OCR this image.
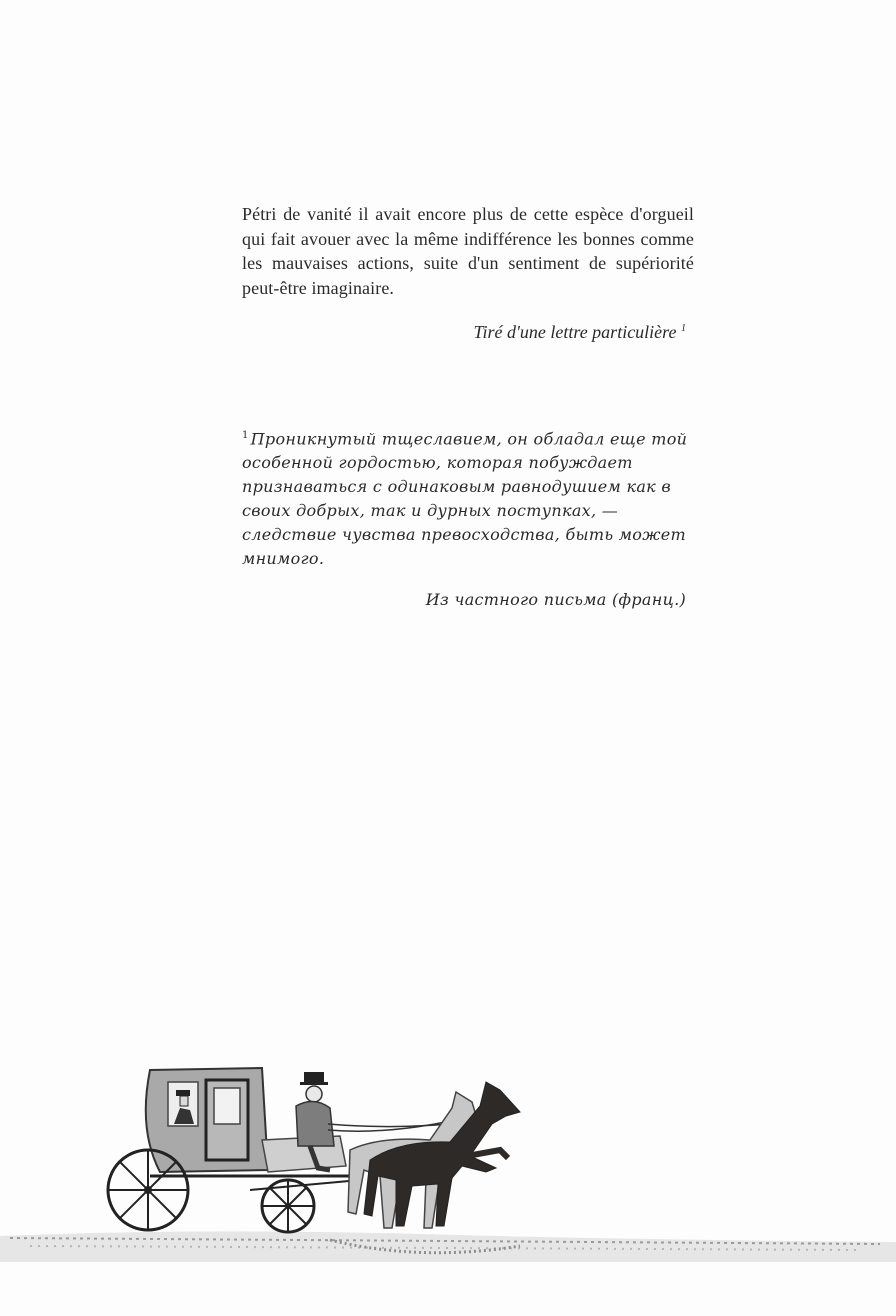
Pétri de vanité il avait encore plus de cette espèce d'orgueil qui fait avouer avec la même indifférence les bonnes comme les mauvaises actions, suite d'un sentiment de supériorité peut-être imaginaire.
Tiré d'une lettre particulière $^1$
$^1$ Проникнутый тщеславием, он обладал еще той особенной гордостью, которая побуждает признаваться с одинаковым равнодушием как в своих добрых, так и дурных поступках, — следствие чувства превосходства, быть может мнимого.
Из частного письма (франц.)
